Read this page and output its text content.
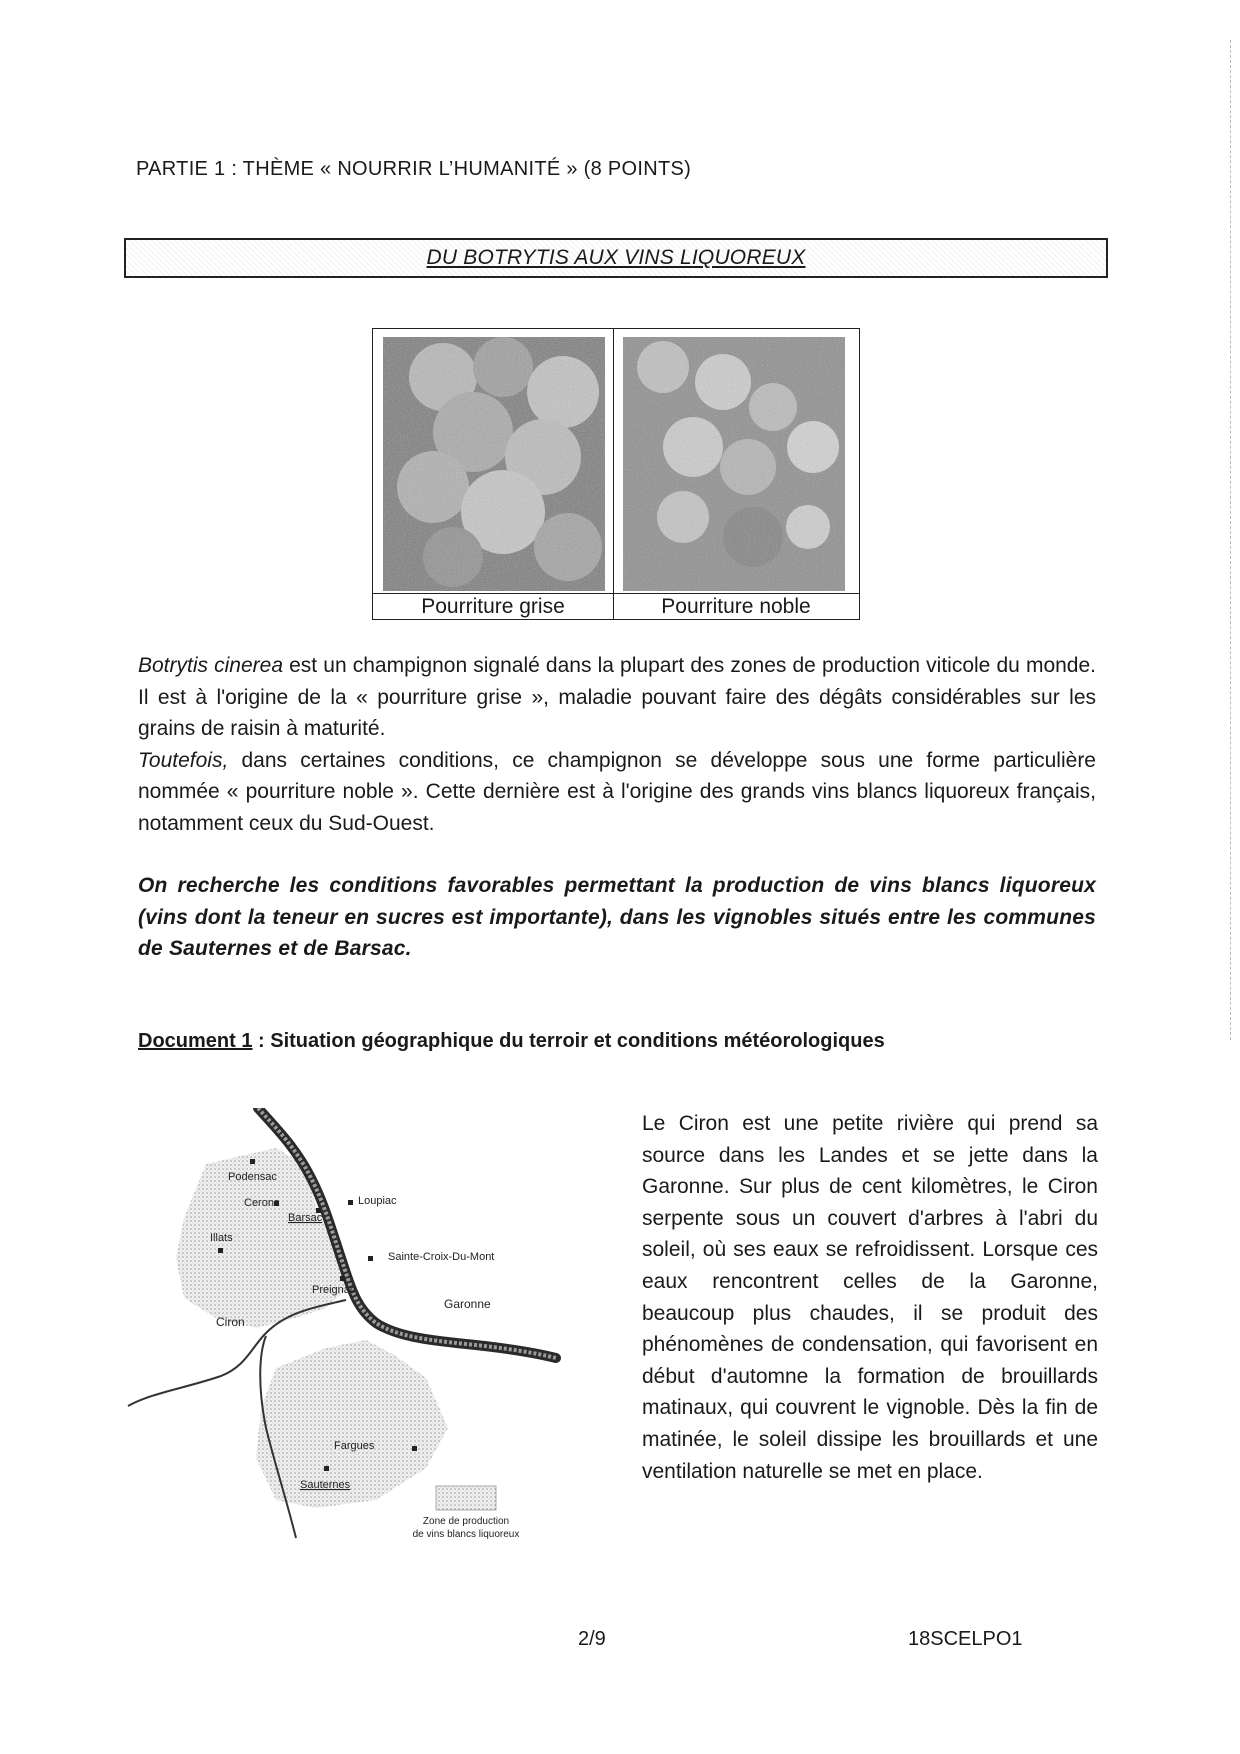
PARTIE 1 : THÈME « NOURRIR L’HUMANITÉ » (8 POINTS)
DU BOTRYTIS AUX VINS LIQUOREUX
Pourriture grise	Pourriture noble

Botrytis cinerea est un champignon signalé dans la plupart des zones de production viticole du monde. Il est à l'origine de la « pourriture grise », maladie pouvant faire des dégâts considérables sur les grains de raisin à maturité.

Toutefois, dans certaines conditions, ce champignon se développe sous une forme particulière nommée « pourriture noble ». Cette dernière est à l'origine des grands vins blancs liquoreux français, notamment ceux du Sud-Ouest.

On recherche les conditions favorables permettant la production de vins blancs liquoreux (vins dont la teneur en sucres est importante), dans les vignobles situés entre les communes de Sauternes et de Barsac.
Document 1 : Situation géographique du terroir et conditions météorologiques
Podensac
Cerons
Barsac
Illats
Loupiac
Sainte-Croix-Du-Mont
Preignac
Garonne
Ciron
Fargues
Sauternes
Zone de production
de vins blancs liquoreux

Le Ciron est une petite rivière qui prend sa source dans les Landes et se jette dans la Garonne. Sur plus de cent kilomètres, le Ciron serpente sous un couvert d'arbres à l'abri du soleil, où ses eaux se refroidissent. Lorsque ces eaux rencontrent celles de la Garonne, beaucoup plus chaudes, il se produit des phénomènes de condensation, qui favorisent en début d'automne la formation de brouillards matinaux, qui couvrent le vignoble. Dès la fin de matinée, le soleil dissipe les brouillards et une ventilation naturelle se met en place.

2/9	18SCELPO1
